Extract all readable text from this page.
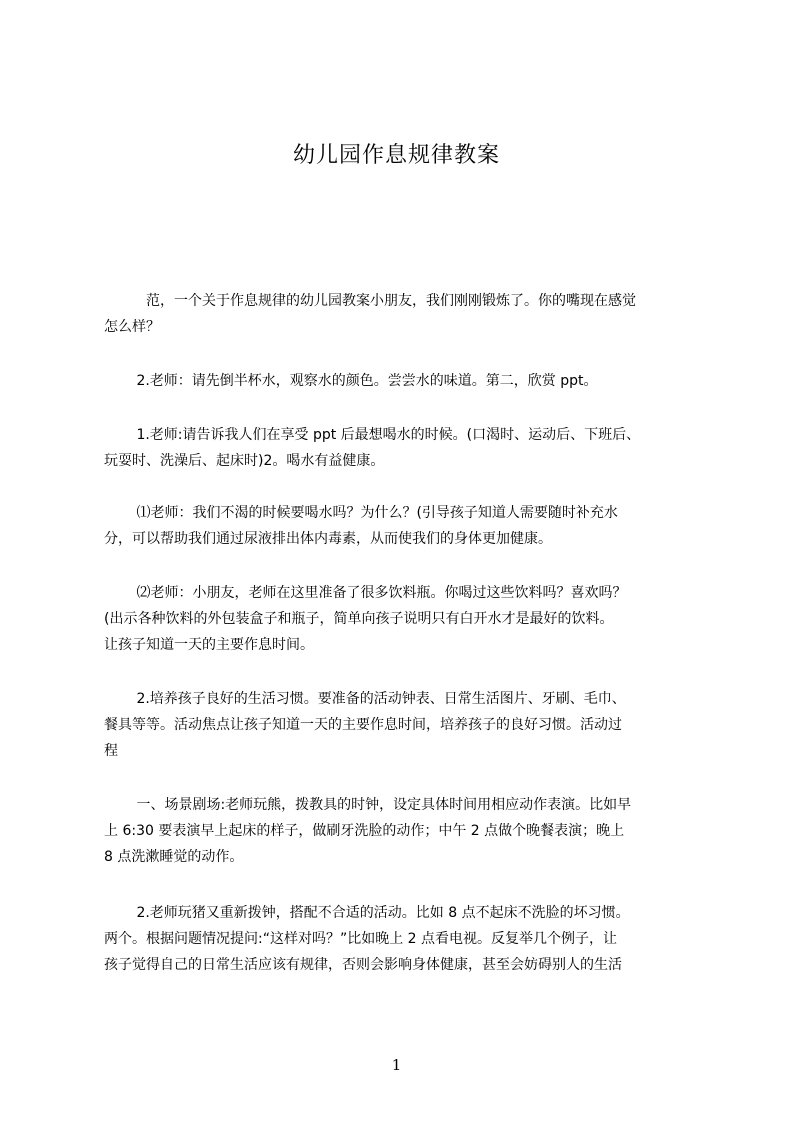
幼儿园作息规律教案
　　　范，一个关于作息规律的幼儿园教案小朋友，我们刚刚锻炼了。你的嘴现在感觉
怎么样？
　　 2.老师：请先倒半杯水，观察水的颜色。尝尝水的味道。第二，欣赏 ppt。
　　 1.老师:请告诉我人们在享受 ppt 后最想喝水的时候。(口渴时、运动后、下班后、
玩耍时、洗澡后、起床时)2。喝水有益健康。
　　 ⑴老师：我们不渴的时候要喝水吗？为什么？(引导孩子知道人需要随时补充水
分，可以帮助我们通过尿液排出体内毒素，从而使我们的身体更加健康。
　　 ⑵老师：小朋友，老师在这里准备了很多饮料瓶。你喝过这些饮料吗？喜欢吗？
(出示各种饮料的外包装盒子和瓶子，简单向孩子说明只有白开水才是最好的饮料。
让孩子知道一天的主要作息时间。
　　 2.培养孩子良好的生活习惯。要准备的活动钟表、日常生活图片、牙刷、毛巾、
餐具等等。活动焦点让孩子知道一天的主要作息时间，培养孩子的良好习惯。活动过
程
　　 一、场景剧场:老师玩熊，拨教具的时钟，设定具体时间用相应动作表演。比如早
上 6:30 要表演早上起床的样子，做刷牙洗脸的动作；中午 2 点做个晚餐表演；晚上
8 点洗漱睡觉的动作。
　　 2.老师玩猪又重新拨钟，搭配不合适的活动。比如 8 点不起床不洗脸的坏习惯。
两个。根据问题情况提问:“这样对吗？”比如晚上 2 点看电视。反复举几个例子，让
孩子觉得自己的日常生活应该有规律，否则会影响身体健康，甚至会妨碍别人的生活
1
